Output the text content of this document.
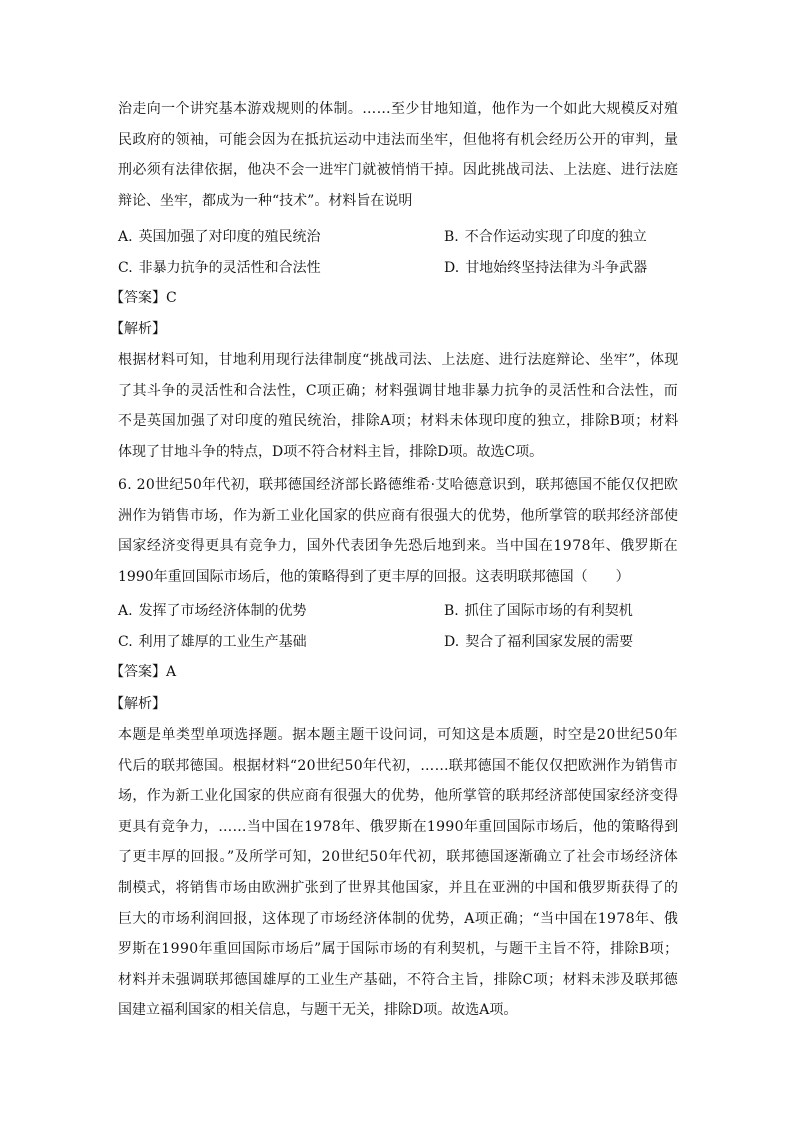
治走向一个讲究基本游戏规则的体制。……至少甘地知道，他作为一个如此大规模反对殖
民政府的领袖，可能会因为在抵抗运动中违法而坐牢，但他将有机会经历公开的审判，量
刑必须有法律依据，他决不会一进牢门就被悄悄干掉。因此挑战司法、上法庭、进行法庭
辩论、坐牢，都成为一种“技术”。材料旨在说明
A. 英国加强了对印度的殖民统治	B. 不合作运动实现了印度的独立
C. 非暴力抗争的灵活性和合法性	D. 甘地始终坚持法律为斗争武器
【答案】C
【解析】
根据材料可知，甘地利用现行法律制度“挑战司法、上法庭、进行法庭辩论、坐牢”，体现
了其斗争的灵活性和合法性，C项正确；材料强调甘地非暴力抗争的灵活性和合法性，而
不是英国加强了对印度的殖民统治，排除A项；材料未体现印度的独立，排除B项；材料
体现了甘地斗争的特点，D项不符合材料主旨，排除D项。故选C项。
6. 20世纪50年代初，联邦德国经济部长路德维希·艾哈德意识到，联邦德国不能仅仅把欧
洲作为销售市场，作为新工业化国家的供应商有很强大的优势，他所掌管的联邦经济部使
国家经济变得更具有竞争力，国外代表团争先恐后地到来。当中国在1978年、俄罗斯在
1990年重回国际市场后，他的策略得到了更丰厚的回报。这表明联邦德国（　　）
A. 发挥了市场经济体制的优势	B. 抓住了国际市场的有利契机
C. 利用了雄厚的工业生产基础	D. 契合了福利国家发展的需要
【答案】A
【解析】
本题是单类型单项选择题。据本题主题干设问词，可知这是本质题，时空是20世纪50年
代后的联邦德国。根据材料“20世纪50年代初，……联邦德国不能仅仅把欧洲作为销售市
场，作为新工业化国家的供应商有很强大的优势，他所掌管的联邦经济部使国家经济变得
更具有竞争力，……当中国在1978年、俄罗斯在1990年重回国际市场后，他的策略得到
了更丰厚的回报。”及所学可知，20世纪50年代初，联邦德国逐渐确立了社会市场经济体
制模式，将销售市场由欧洲扩张到了世界其他国家，并且在亚洲的中国和俄罗斯获得了的
巨大的市场利润回报，这体现了市场经济体制的优势，A项正确；“当中国在1978年、俄
罗斯在1990年重回国际市场后”属于国际市场的有利契机，与题干主旨不符，排除B项；
材料并未强调联邦德国雄厚的工业生产基础，不符合主旨，排除C项；材料未涉及联邦德
国建立福利国家的相关信息，与题干无关，排除D项。故选A项。
